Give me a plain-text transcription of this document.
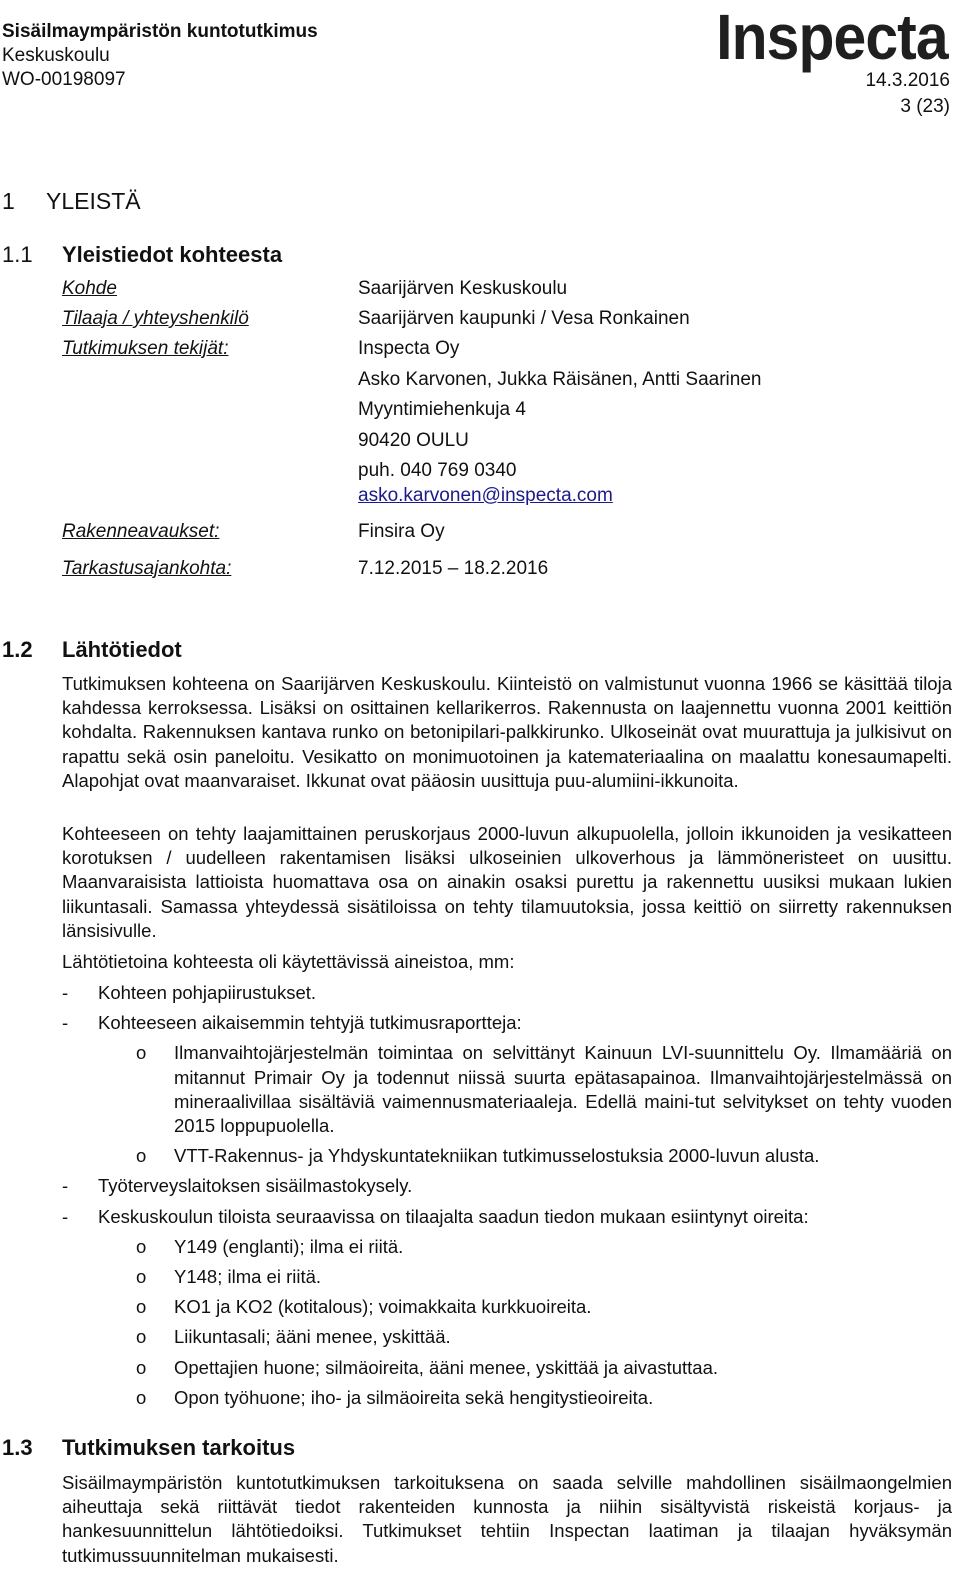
Sisäilmaympäristön kuntotutkimus
Keskuskoulu
WO-00198097
Inspecta
14.3.2016
3 (23)
1 YLEISTÄ
1.1 Yleistiedot kohteesta
Kohde	Saarijärven Keskuskoulu
Tilaaja / yhteyshenkilö	Saarijärven kaupunki / Vesa Ronkainen
Tutkimuksen tekijät:	Inspecta Oy
Asko Karvonen, Jukka Räisänen, Antti Saarinen
Myyntimiehenkuja 4
90420 OULU
puh. 040 769 0340
asko.karvonen@inspecta.com
Rakenneavaukset:	Finsira Oy
Tarkastusajankohta:	7.12.2015 – 18.2.2016
1.2 Lähtötiedot
Tutkimuksen kohteena on Saarijärven Keskuskoulu. Kiinteistö on valmistunut vuonna 1966 se käsittää tiloja kahdessa kerroksessa. Lisäksi on osittainen kellarikerros. Rakennusta on laajennettu vuonna 2001 keittiön kohdalta. Rakennuksen kantava runko on betonipilari-palkkirunko. Ulkoseinät ovat muurattuja ja julkisivut on rapattu sekä osin paneloitu. Vesikatto on monimuotoinen ja katemateriaalina on maalattu konesaumapelti. Alapohjat ovat maanvaraiset. Ikkunat ovat pääosin uusittuja puu-alumiini-ikkunoita.
Kohteeseen on tehty laajamittainen peruskorjaus 2000-luvun alkupuolella, jolloin ikkunoiden ja vesikatteen korotuksen / uudelleen rakentamisen lisäksi ulkoseinien ulkoverhous ja lämmöneristeet on uusittu. Maanvaraisista lattioista huomattava osa on ainakin osaksi purettu ja rakennettu uusiksi mukaan lukien liikuntasali. Samassa yhteydessä sisätiloissa on tehty tilamuutoksia, jossa keittiö on siirretty rakennuksen länsisivulle.
Lähtötietoina kohteesta oli käytettävissä aineistoa, mm:
- Kohteen pohjapiirustukset.
- Kohteeseen aikaisemmin tehtyjä tutkimusraportteja:
o Ilmanvaihtojärjestelmän toimintaa on selvittänyt Kainuun LVI-suunnittelu Oy. Ilmamääriä on mitannut Primair Oy ja todennut niissä suurta epätasapainoa. Ilmanvaihtojärjestelmässä on mineraalivillaa sisältäviä vaimennusmateriaaleja. Edellä maini-tut selvitykset on tehty vuoden 2015 loppupuolella.
o VTT-Rakennus- ja Yhdyskuntatekniikan tutkimusselostuksia 2000-luvun alusta.
- Työterveyslaitoksen sisäilmastokysely.
- Keskuskoulun tiloista seuraavissa on tilaajalta saadun tiedon mukaan esiintynyt oireita:
o Y149 (englanti); ilma ei riitä.
o Y148; ilma ei riitä.
o KO1 ja KO2 (kotitalous); voimakkaita kurkkuoireita.
o Liikuntasali; ääni menee, yskittää.
o Opettajien huone; silmäoireita, ääni menee, yskittää ja aivastuttaa.
o Opon työhuone; iho- ja silmäoireita sekä hengitystieoireita.
1.3 Tutkimuksen tarkoitus
Sisäilmaympäristön kuntotutkimuksen tarkoituksena on saada selville mahdollinen sisäilmaongelmien aiheuttaja sekä riittävät tiedot rakenteiden kunnosta ja niihin sisältyvistä riskeistä korjaus- ja hankesuunnittelun lähtötiedoiksi. Tutkimukset tehtiin Inspectan laatiman ja tilaajan hyväksymän tutkimussuunnitelman mukaisesti.
